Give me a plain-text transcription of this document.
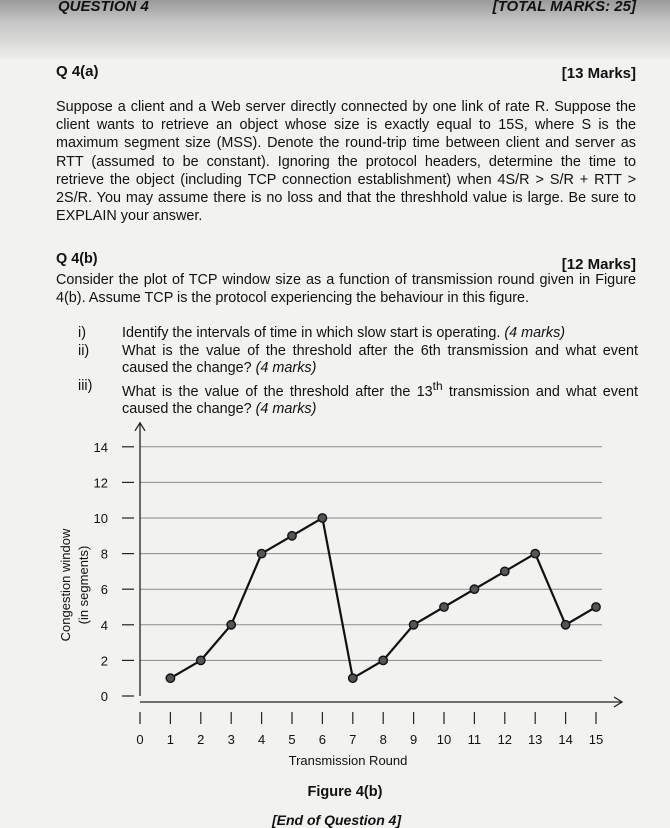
QUESTION 4	[TOTAL MARKS: 25]
Q 4(a)	[13 Marks]
Suppose a client and a Web server directly connected by one link of rate R. Suppose the client wants to retrieve an object whose size is exactly equal to 15S, where S is the maximum segment size (MSS). Denote the round-trip time between client and server as RTT (assumed to be constant). Ignoring the protocol headers, determine the time to retrieve the object (including TCP connection establishment) when 4S/R > S/R + RTT > 2S/R. You may assume there is no loss and that the threshhold value is large. Be sure to EXPLAIN your answer.
Q 4(b)	[12 Marks]
Consider the plot of TCP window size as a function of transmission round given in Figure 4(b). Assume TCP is the protocol experiencing the behaviour in this figure.
i)	Identify the intervals of time in which slow start is operating. (4 marks)
ii)	What is the value of the threshold after the 6th transmission and what event caused the change? (4 marks)
iii)	What is the value of the threshold after the 13th transmission and what event caused the change? (4 marks)
0
2
4
6
8
10
12
14
0 1 2 3 4 5 6 7 8 9 10 11 12 13 14 15
Transmission Round
Congestion window (in segments)
Figure 4(b)
[End of Question 4]
